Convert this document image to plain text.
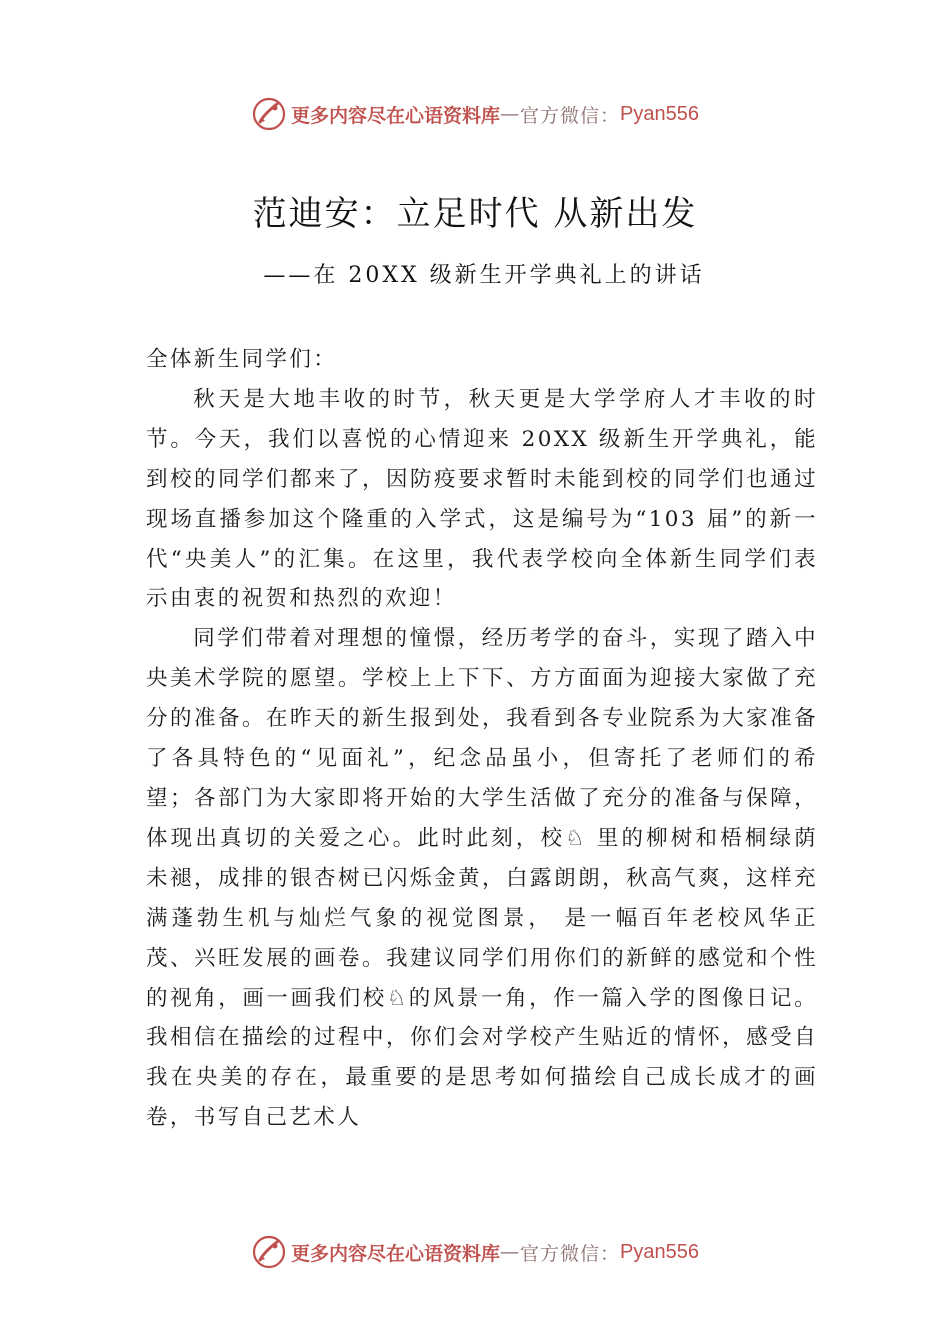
更多内容尽在心语资料库 — 官方微信： Pyan556
范迪安：立足时代 从新出发
——在 20XX 级新生开学典礼上的讲话

全体新生同学们：

秋天是大地丰收的时节，秋天更是大学学府人才丰收的时节。今天，我们以喜悦的心情迎来 20XX 级新生开学典礼，能到校的同学们都来了，因防疫要求暂时未能到校的同学们也通过现场直播参加这个隆重的入学式，这是编号为“103 届”的新一代“央美人”的汇集。在这里，我代表学校向全体新生同学们表示由衷的祝贺和热烈的欢迎！

同学们带着对理想的憧憬，经历考学的奋斗，实现了踏入中央美术学院的愿望。学校上上下下、方方面面为迎接大家做了充分的准备。在昨天的新生报到处，我看到各专业院系为大家准备了各具特色的“见面礼”，纪念品虽小，但寄托了老师们的希望；各部门为大家即将开始的大学生活做了充分的准备与保障，体现出真切的关爱之心。此时此刻，校♘ 里的柳树和梧桐绿荫未褪，成排的银杏树已闪烁金黄，白露朗朗，秋高气爽，这样充满蓬勃生机与灿烂气象的视觉图景， 是一幅百年老校风华正茂、兴旺发展的画卷。我建议同学们用你们的新鲜的感觉和个性的视角，画一画我们校♘的风景一角，作一篇入学的图像日记。我相信在描绘的过程中，你们会对学校产生贴近的情怀，感受自我在央美的存在，最重要的是思考如何描绘自己成长成才的画卷，书写自己艺术人

更多内容尽在心语资料库 — 官方微信： Pyan556
